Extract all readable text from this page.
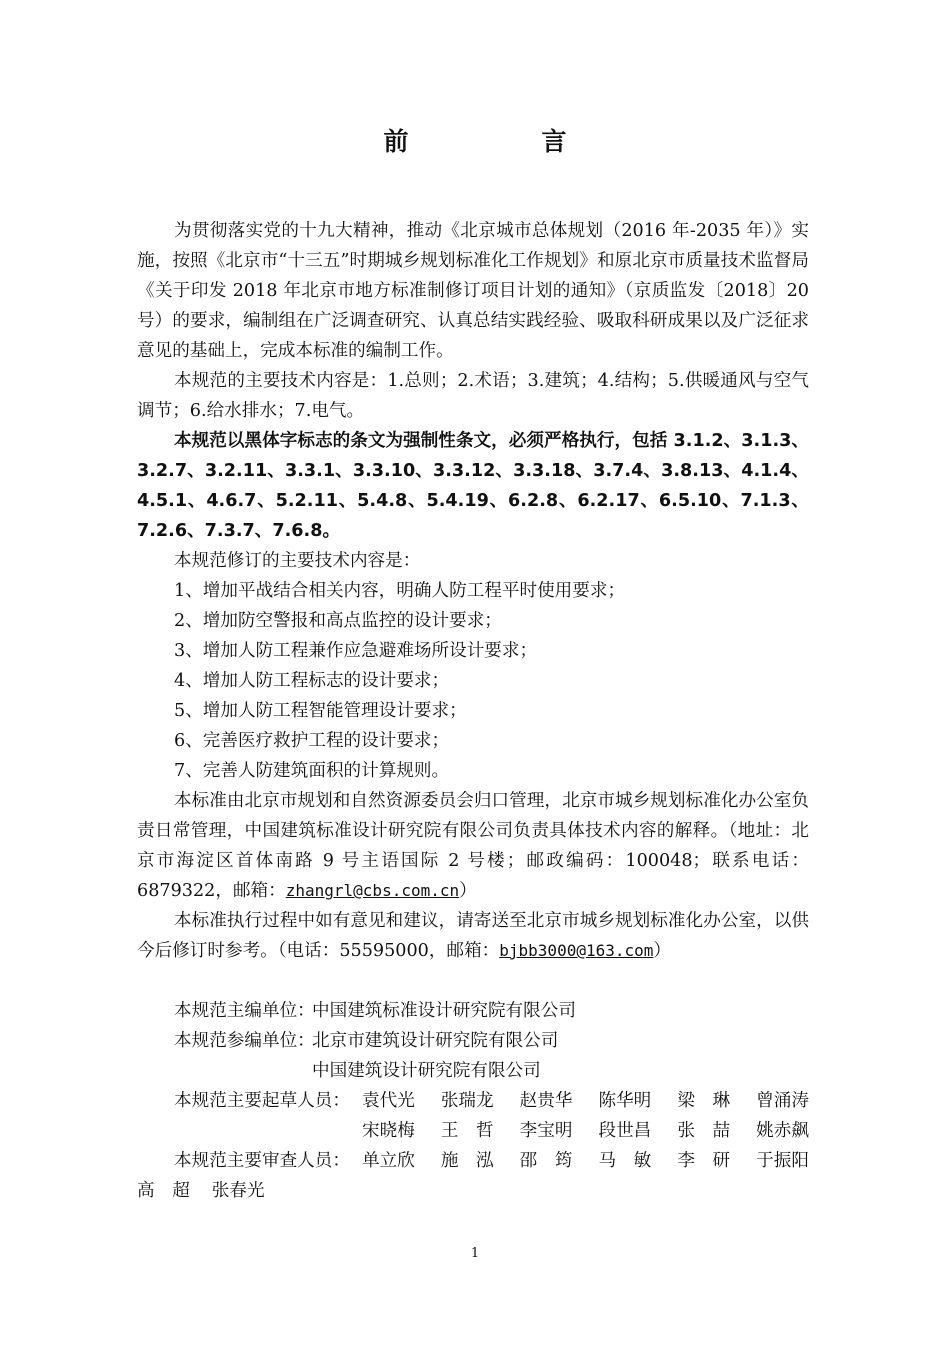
前　言

为贯彻落实党的十九大精神，推动《北京城市总体规划（2016 年-2035 年）》实施，按照《北京市“十三五”时期城乡规划标准化工作规划》和原北京市质量技术监督局《关于印发 2018 年北京市地方标准制修订项目计划的通知》（京质监发〔2018〕20 号）的要求，编制组在广泛调查研究、认真总结实践经验、吸取科研成果以及广泛征求意见的基础上，完成本标准的编制工作。

本规范的主要技术内容是：1.总则；2.术语；3.建筑；4.结构；5.供暖通风与空气调节；6.给水排水；7.电气。

本规范以黑体字标志的条文为强制性条文，必须严格执行，包括 3.1.2、3.1.3、3.2.7、3.2.11、3.3.1、3.3.10、3.3.12、3.3.18、3.7.4、3.8.13、4.1.4、4.5.1、4.6.7、5.2.11、5.4.8、5.4.19、6.2.8、6.2.17、6.5.10、7.1.3、7.2.6、7.3.7、7.6.8。

本规范修订的主要技术内容是：

1、增加平战结合相关内容，明确人防工程平时使用要求；

2、增加防空警报和高点监控的设计要求；

3、增加人防工程兼作应急避难场所设计要求；

4、增加人防工程标志的设计要求；

5、增加人防工程智能管理设计要求；

6、完善医疗救护工程的设计要求；

7、完善人防建筑面积的计算规则。

本标准由北京市规划和自然资源委员会归口管理，北京市城乡规划标准化办公室负责日常管理，中国建筑标准设计研究院有限公司负责具体技术内容的解释。（地址：北京市海淀区首体南路 9 号主语国际 2 号楼；邮政编码：100048；联系电话：6879322，邮箱：zhangrl@cbs.com.cn）

本标准执行过程中如有意见和建议，请寄送至北京市城乡规划标准化办公室，以供今后修订时参考。（电话：55595000，邮箱：bjbb3000@163.com）

本规范主编单位：
中国建筑标准设计研究院有限公司
本规范参编单位：
北京市建筑设计研究院有限公司
中国建筑设计研究院有限公司
本规范主要起草人员： 袁代光 张瑞龙 赵贵华 陈华明 梁　琳 曾涌涛
宋晓梅 王　哲 李宝明 段世昌 张　喆 姚赤飙
本规范主要审查人员： 单立欣 施　泓 邵　筠 马　敏 李　研 于振阳
高　超 张春光
1
